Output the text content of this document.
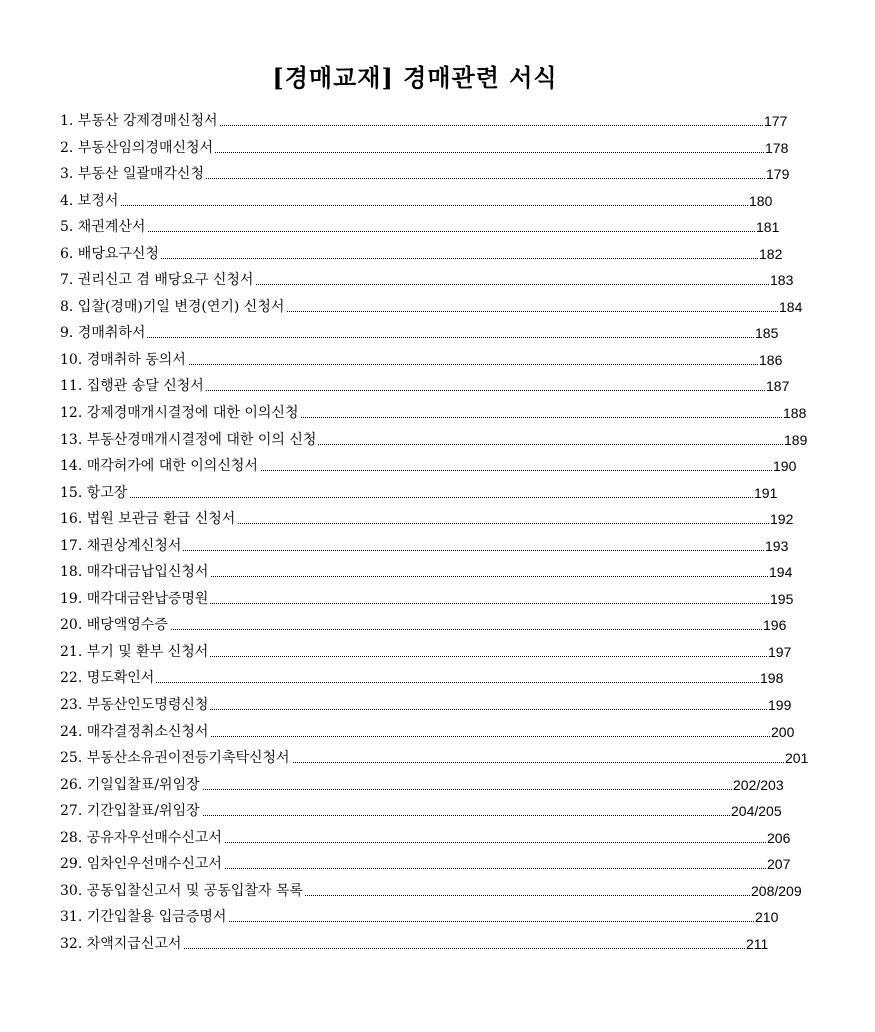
[경매교재] 경매관련 서식
1. 부동산 강제경매신청서	177
2. 부동산임의경매신청서	178
3. 부동산 일괄매각신청	179
4. 보정서	180
5. 채권계산서	181
6. 배당요구신청	182
7. 권리신고 겸 배당요구 신청서	183
8. 입찰(경매)기일 변경(연기) 신청서	184
9. 경매취하서	185
10. 경매취하 동의서	186
11. 집행관 송달 신청서	187
12. 강제경매개시결정에 대한 이의신청	188
13. 부동산경매개시결정에 대한 이의 신청	189
14. 매각허가에 대한 이의신청서	190
15. 항고장	191
16. 법원 보관금 환급 신청서	192
17. 채권상계신청서	193
18. 매각대금납입신청서	194
19. 매각대금완납증명원	195
20. 배당액영수증	196
21. 부기 및 환부 신청서	197
22. 명도확인서	198
23. 부동산인도명령신청	199
24. 매각결정취소신청서	200
25. 부동산소유권이전등기촉탁신청서	201
26. 기일입찰표/위임장	202/203
27. 기간입찰표/위임장	204/205
28. 공유자우선매수신고서	206
29. 임차인우선매수신고서	207
30. 공동입찰신고서 및 공동입찰자 목록	208/209
31. 기간입찰용 입금증명서	210
32. 차액지급신고서	211
